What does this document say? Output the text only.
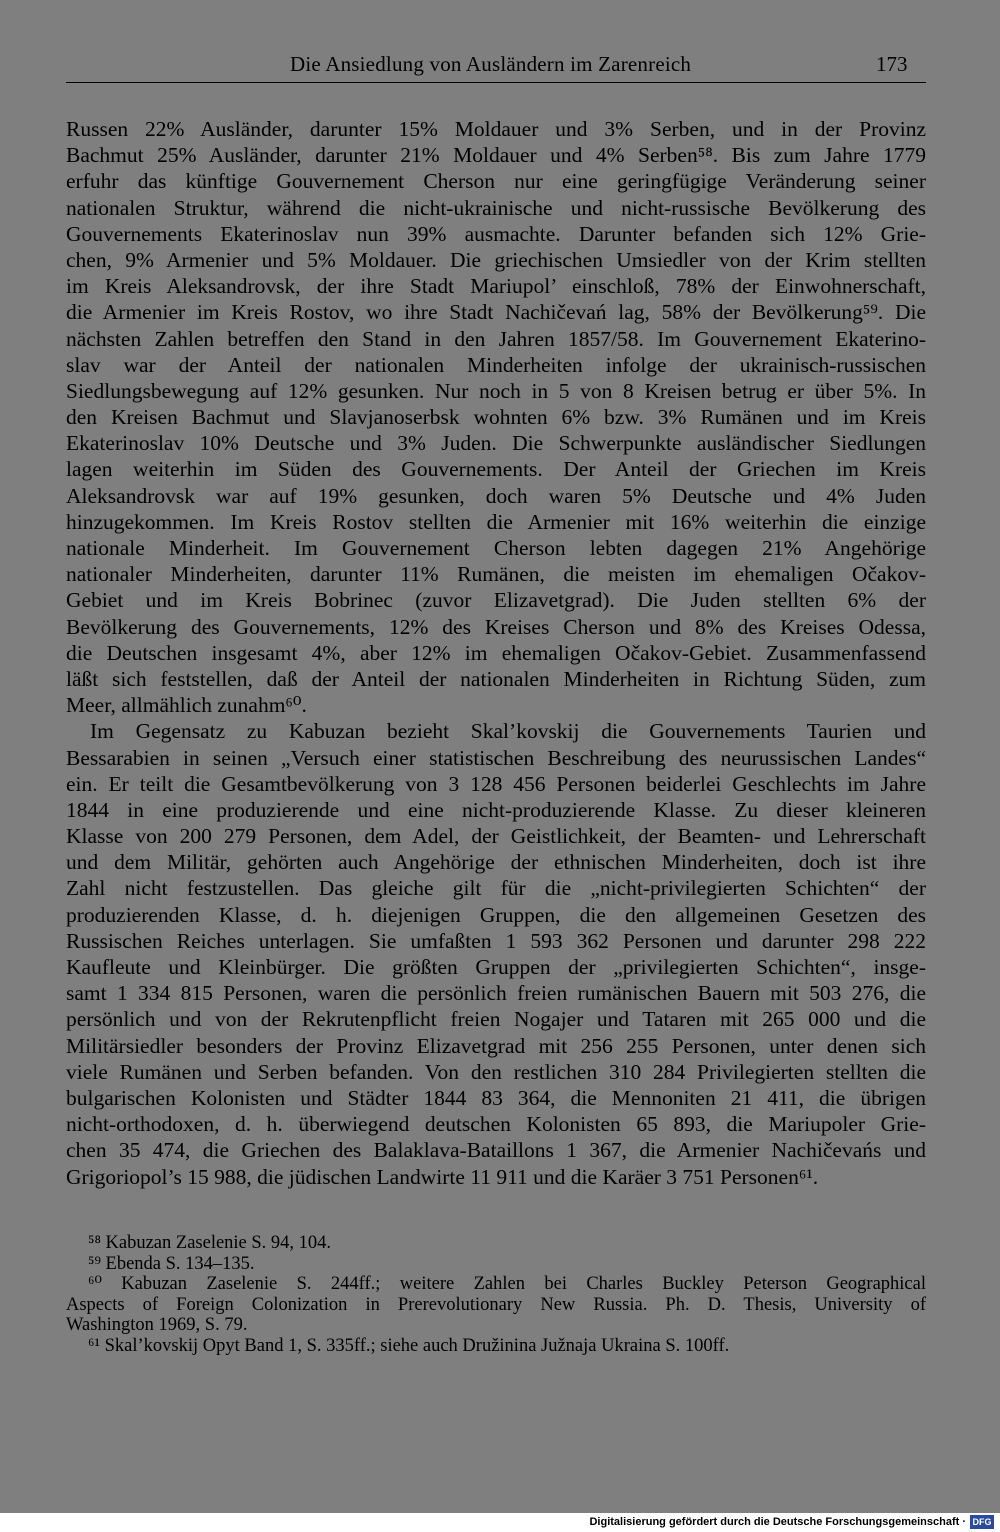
Die Ansiedlung von Ausländern im Zarenreich	173
Russen 22% Ausländer, darunter 15% Moldauer und 3% Serben, und in der Provinz
Bachmut 25% Ausländer, darunter 21% Moldauer und 4% Serben⁵⁸. Bis zum Jahre 1779
erfuhr das künftige Gouvernement Cherson nur eine geringfügige Veränderung seiner
nationalen Struktur, während die nicht-ukrainische und nicht-russische Bevölkerung des
Gouvernements Ekaterinoslav nun 39% ausmachte. Darunter befanden sich 12% Grie-
chen, 9% Armenier und 5% Moldauer. Die griechischen Umsiedler von der Krim stellten
im Kreis Aleksandrovsk, der ihre Stadt Mariupol’ einschloß, 78% der Einwohnerschaft,
die Armenier im Kreis Rostov, wo ihre Stadt Nachičevań lag, 58% der Bevölkerung⁵⁹. Die
nächsten Zahlen betreffen den Stand in den Jahren 1857/58. Im Gouvernement Ekaterino-
slav war der Anteil der nationalen Minderheiten infolge der ukrainisch-russischen
Siedlungsbewegung auf 12% gesunken. Nur noch in 5 von 8 Kreisen betrug er über 5%. In
den Kreisen Bachmut und Slavjanoserbsk wohnten 6% bzw. 3% Rumänen und im Kreis
Ekaterinoslav 10% Deutsche und 3% Juden. Die Schwerpunkte ausländischer Siedlungen
lagen weiterhin im Süden des Gouvernements. Der Anteil der Griechen im Kreis
Aleksandrovsk war auf 19% gesunken, doch waren 5% Deutsche und 4% Juden
hinzugekommen. Im Kreis Rostov stellten die Armenier mit 16% weiterhin die einzige
nationale Minderheit. Im Gouvernement Cherson lebten dagegen 21% Angehörige
nationaler Minderheiten, darunter 11% Rumänen, die meisten im ehemaligen Očakov-
Gebiet und im Kreis Bobrinec (zuvor Elizavetgrad). Die Juden stellten 6% der
Bevölkerung des Gouvernements, 12% des Kreises Cherson und 8% des Kreises Odessa,
die Deutschen insgesamt 4%, aber 12% im ehemaligen Očakov-Gebiet. Zusammenfassend
läßt sich feststellen, daß der Anteil der nationalen Minderheiten in Richtung Süden, zum
Meer, allmählich zunahm⁶⁰.
Im Gegensatz zu Kabuzan bezieht Skal’kovskij die Gouvernements Taurien und
Bessarabien in seinen „Versuch einer statistischen Beschreibung des neurussischen Landes“
ein. Er teilt die Gesamtbevölkerung von 3 128 456 Personen beiderlei Geschlechts im Jahre
1844 in eine produzierende und eine nicht-produzierende Klasse. Zu dieser kleineren
Klasse von 200 279 Personen, dem Adel, der Geistlichkeit, der Beamten- und Lehrerschaft
und dem Militär, gehörten auch Angehörige der ethnischen Minderheiten, doch ist ihre
Zahl nicht festzustellen. Das gleiche gilt für die „nicht-privilegierten Schichten“ der
produzierenden Klasse, d. h. diejenigen Gruppen, die den allgemeinen Gesetzen des
Russischen Reiches unterlagen. Sie umfaßten 1 593 362 Personen und darunter 298 222
Kaufleute und Kleinbürger. Die größten Gruppen der „privilegierten Schichten“, insge-
samt 1 334 815 Personen, waren die persönlich freien rumänischen Bauern mit 503 276, die
persönlich und von der Rekrutenpflicht freien Nogajer und Tataren mit 265 000 und die
Militärsiedler besonders der Provinz Elizavetgrad mit 256 255 Personen, unter denen sich
viele Rumänen und Serben befanden. Von den restlichen 310 284 Privilegierten stellten die
bulgarischen Kolonisten und Städter 1844 83 364, die Mennoniten 21 411, die übrigen
nicht-orthodoxen, d. h. überwiegend deutschen Kolonisten 65 893, die Mariupoler Grie-
chen 35 474, die Griechen des Balaklava-Bataillons 1 367, die Armenier Nachičevańs und
Grigoriopol’s 15 988, die jüdischen Landwirte 11 911 und die Karäer 3 751 Personen⁶¹.
⁵⁸ Kabuzan Zaselenie S. 94, 104.
⁵⁹ Ebenda S. 134–135.
⁶⁰ Kabuzan Zaselenie S. 244ff.; weitere Zahlen bei Charles Buckley Peterson Geographical
Aspects of Foreign Colonization in Prerevolutionary New Russia. Ph. D. Thesis, University of
Washington 1969, S. 79.
⁶¹ Skal’kovskij Opyt Band 1, S. 335ff.; siehe auch Družinina Južnaja Ukraina S. 100ff.
Digitalisierung gefördert durch die Deutsche Forschungsgemeinschaft · DFG
